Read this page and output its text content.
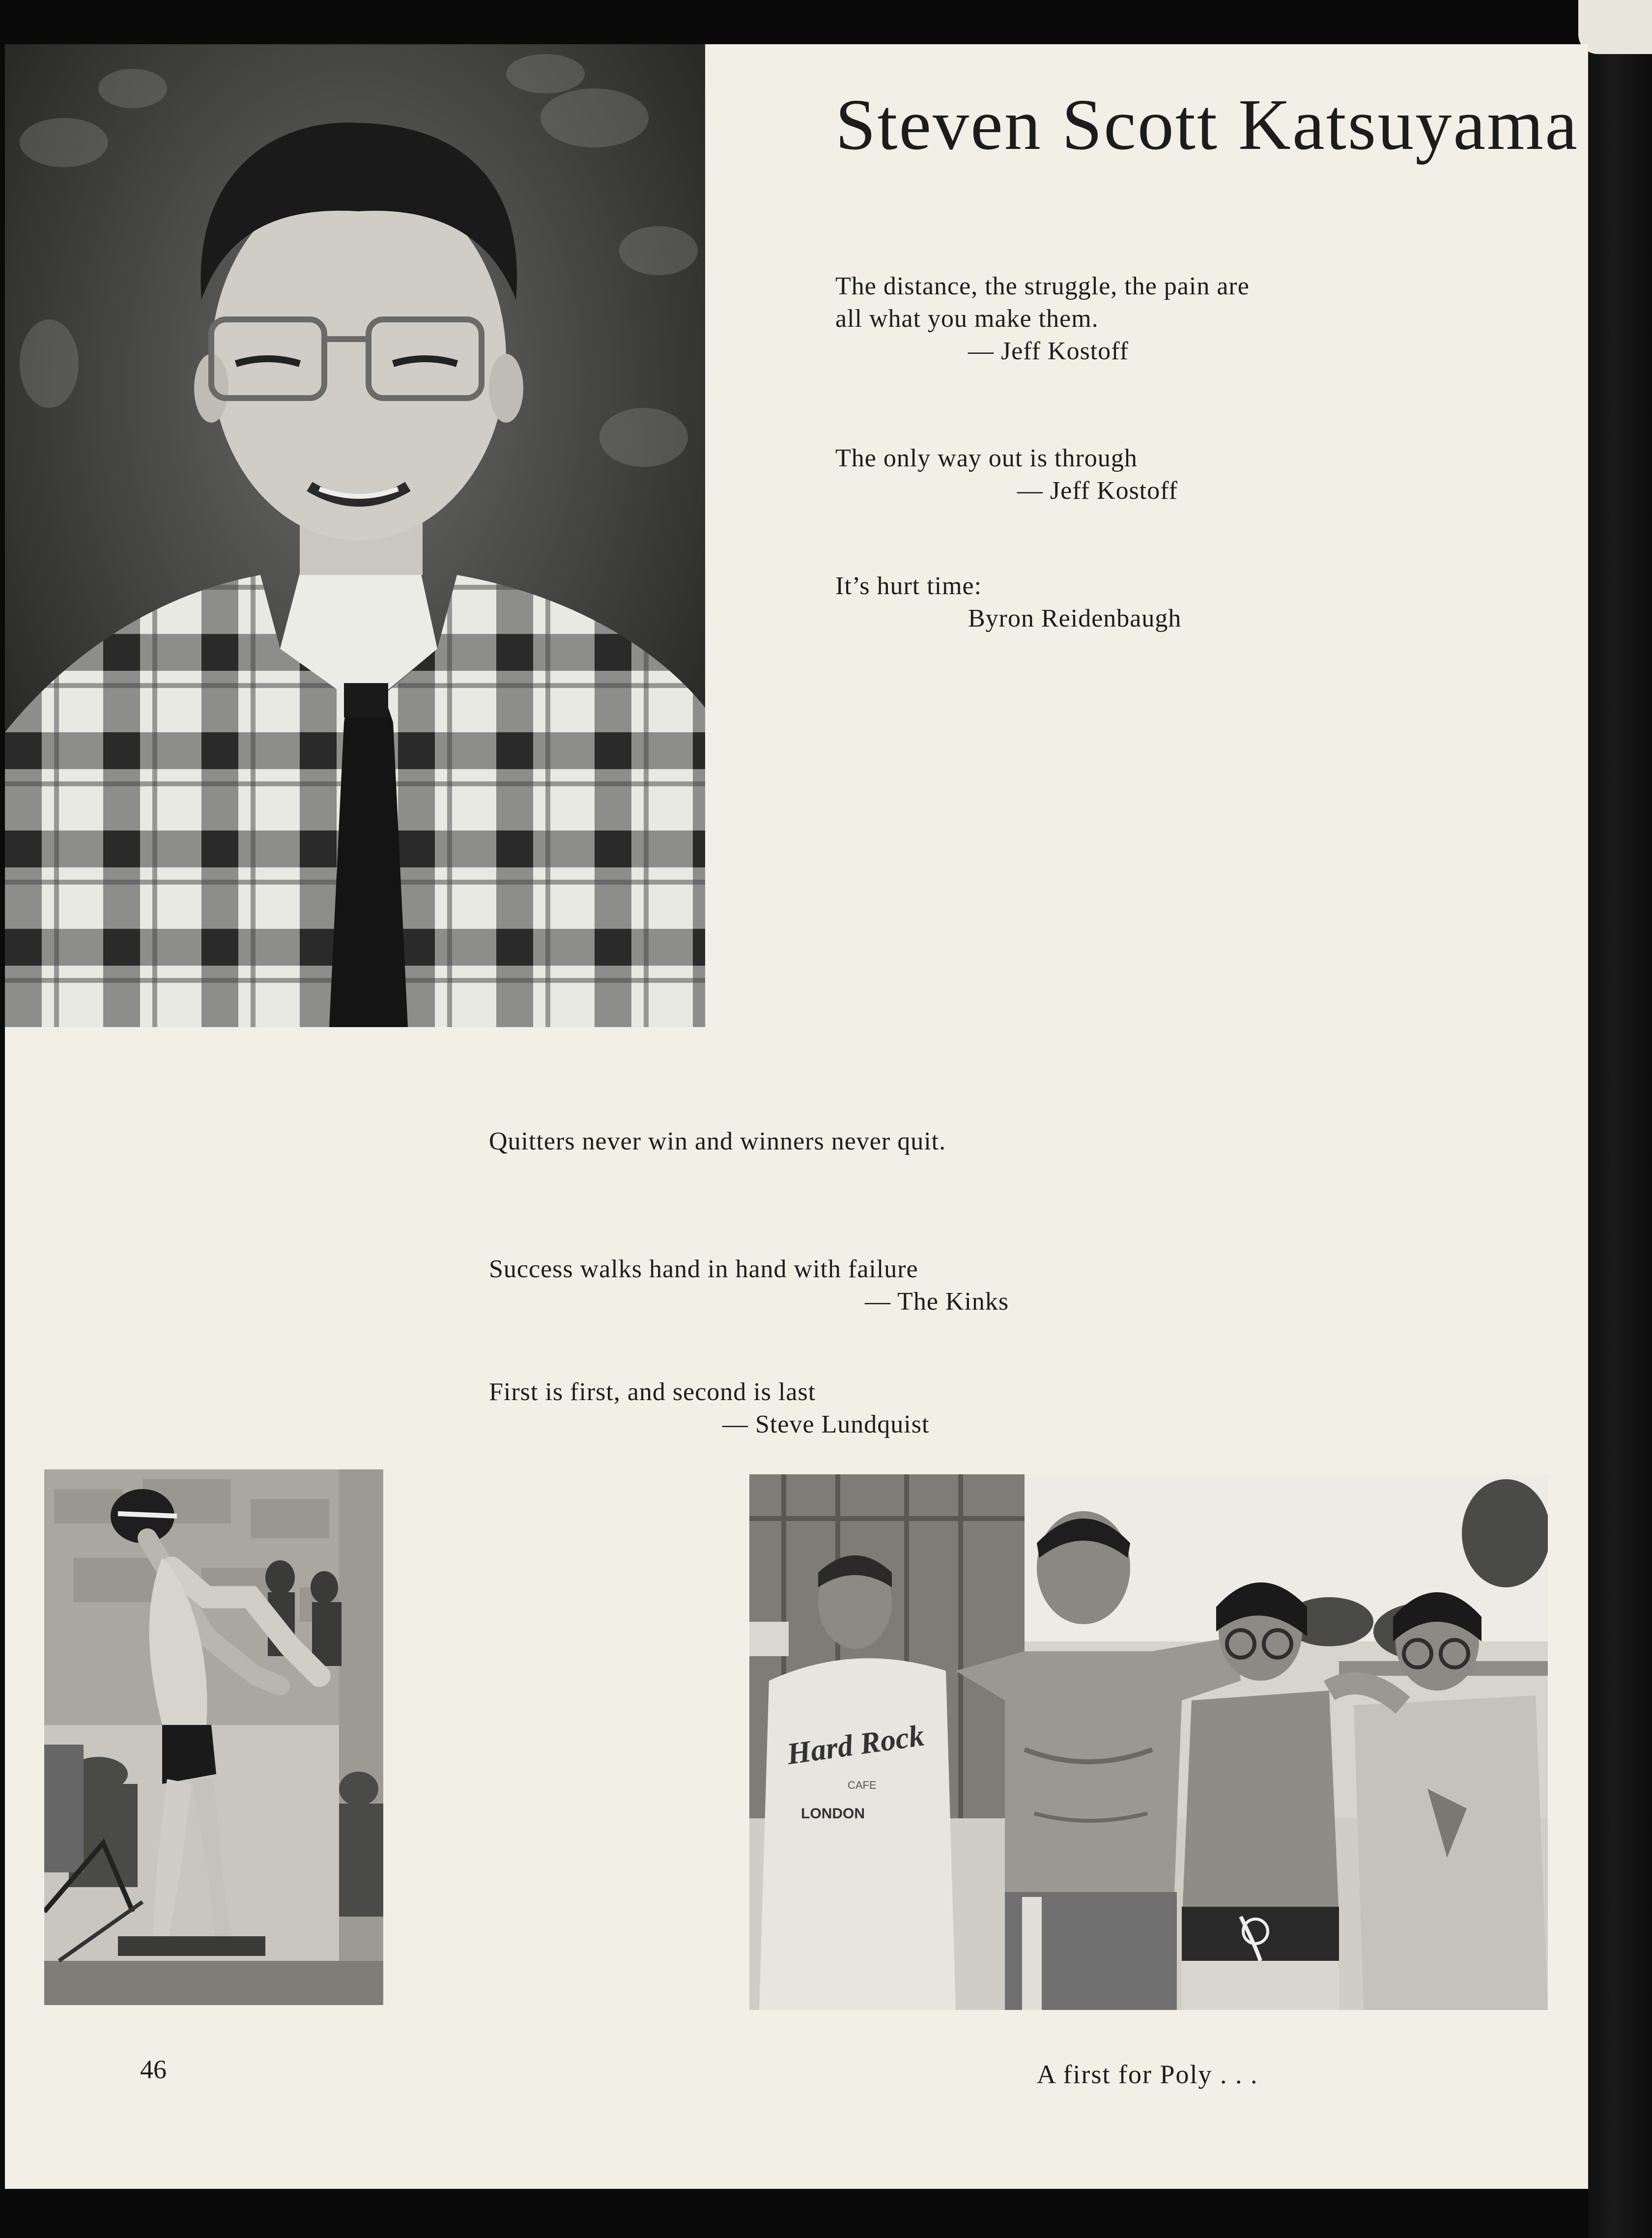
Steven Scott Katsuyama
The distance, the struggle, the pain are
all what you make them.
— Jeff Kostoff
The only way out is through
— Jeff Kostoff
It’s hurt time:
Byron Reidenbaugh
Quitters never win and winners never quit.
Success walks hand in hand with failure
— The Kinks
First is first, and second is last
— Steve Lundquist
Hard Rock
CAFE
LONDON
46	A first for Poly . . .
